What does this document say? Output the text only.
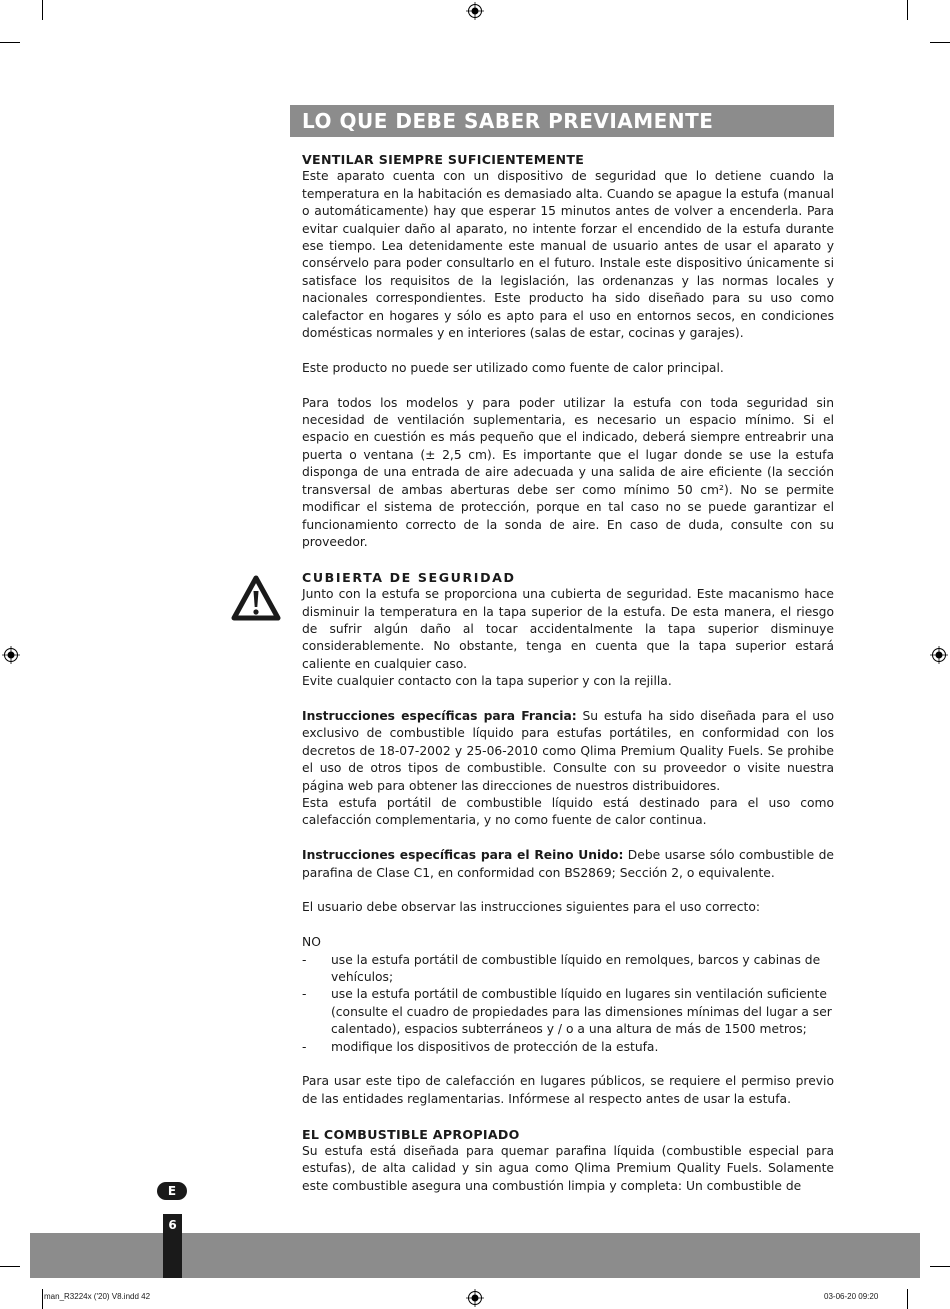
LO QUE DEBE SABER PREVIAMENTE

VENTILAR SIEMPRE SUFICIENTEMENTE

Este aparato cuenta con un dispositivo de seguridad que lo detiene cuando la temperatura en la habitación es demasiado alta. Cuando se apague la estufa (manual o automáticamente) hay que esperar 15 minutos antes de volver a encenderla. Para evitar cualquier daño al aparato, no intente forzar el encendido de la estufa durante ese tiempo. Lea detenidamente este manual de usuario antes de usar el aparato y consérvelo para poder consultarlo en el futuro. Instale este dispositivo únicamente si satisface los requisitos de la legislación, las ordenanzas y las normas locales y nacionales correspondientes. Este producto ha sido diseñado para su uso como calefactor en hogares y sólo es apto para el uso en entornos secos, en condiciones domésticas normales y en interiores (salas de estar, cocinas y garajes).

Este producto no puede ser utilizado como fuente de calor principal.

Para todos los modelos y para poder utilizar la estufa con toda seguridad sin necesidad de ventilación suplementaria, es necesario un espacio mínimo. Si el espacio en cuestión es más pequeño que el indicado, deberá siempre entreabrir una puerta o ventana (± 2,5 cm). Es importante que el lugar donde se use la estufa disponga de una entrada de aire adecuada y una salida de aire eficiente (la sección transversal de ambas aberturas debe ser como mínimo 50 cm²). No se permite modificar el sistema de protección, porque en tal caso no se puede garantizar el funcionamiento correcto de la sonda de aire. En caso de duda, consulte con su proveedor.

CUBIERTA DE SEGURIDAD

Junto con la estufa se proporciona una cubierta de seguridad. Este macanismo hace disminuir la temperatura en la tapa superior de la estufa. De esta manera, el riesgo de sufrir algún daño al tocar accidentalmente la tapa superior disminuye considerablemente. No obstante, tenga en cuenta que la tapa superior estará caliente en cualquier caso.

Evite cualquier contacto con la tapa superior y con la rejilla.

Instrucciones específicas para Francia: Su estufa ha sido diseñada para el uso exclusivo de combustible líquido para estufas portátiles, en conformidad con los decretos de 18-07-2002 y 25-06-2010 como Qlima Premium Quality Fuels. Se prohibe el uso de otros tipos de combustible. Consulte con su proveedor o visite nuestra página web para obtener las direcciones de nuestros distribuidores.

Esta estufa portátil de combustible líquido está destinado para el uso como calefacción complementaria, y no como fuente de calor continua.

Instrucciones específicas para el Reino Unido: Debe usarse sólo combustible de parafina de Clase C1, en conformidad con BS2869; Sección 2, o equivalente.

El usuario debe observar las instrucciones siguientes para el uso correcto:

NO

-	use la estufa portátil de combustible líquido en remolques, barcos y cabinas de vehículos;
-	use la estufa portátil de combustible líquido en lugares sin ventilación suficiente (consulte el cuadro de propiedades para las dimensiones mínimas del lugar a ser calentado), espacios subterráneos y / o a una altura de más de 1500 metros;
-	modifique los dispositivos de protección de la estufa.

Para usar este tipo de calefacción en lugares públicos, se requiere el permiso previo de las entidades reglamentarias. Infórmese al respecto antes de usar la estufa.

EL COMBUSTIBLE APROPIADO

Su estufa está diseñada para quemar parafina líquida (combustible especial para estufas), de alta calidad y sin agua como Qlima Premium Quality Fuels. Solamente este combustible asegura una combustión limpia y completa: Un combustible de

E
6
man_R3224x ('20) V8.indd 42	03-06-20 09:20
